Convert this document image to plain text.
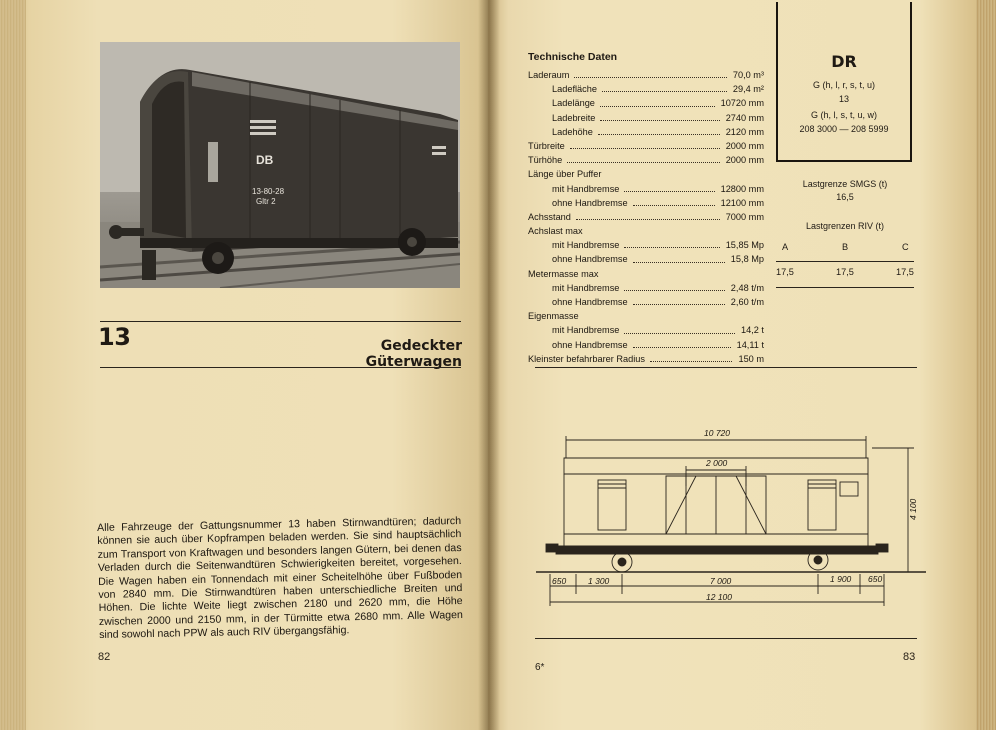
DB
13-80-28
Gltr 2
13	Gedeckter Güterwagen
Alle Fahrzeuge der Gattungsnummer 13 haben Stirnwandtüren; dadurch können sie auch über Kopframpen beladen werden. Sie sind hauptsächlich zum Transport von Kraftwagen und besonders langen Gütern, bei denen das Verladen durch die Seitenwandtüren Schwierigkeiten bereitet, vorgesehen. Die Wagen haben ein Tonnendach mit einer Scheitelhöhe über Fußboden von 2840 mm. Die Stirnwandtüren haben unterschiedliche Breiten und Höhen. Die lichte Weite liegt zwischen 2180 und 2620 mm, die Höhe zwischen 2000 und 2150 mm, in der Türmitte etwa 2680 mm. Alle Wagen sind sowohl nach PPW als auch RIV übergangsfähig.
82
Technische Daten
Laderaum	70,0 m³
Ladefläche	29,4 m²
Ladelänge	10720 mm
Ladebreite	2740 mm
Ladehöhe	2120 mm
Türbreite	2000 mm
Türhöhe	2000 mm
Länge über Puffer
mit Handbremse	12800 mm
ohne Handbremse	12100 mm
Achsstand	7000 mm
Achslast max
mit Handbremse	15,85 Mp
ohne Handbremse	15,8 Mp
Metermasse max
mit Handbremse	2,48 t/m
ohne Handbremse	2,60 t/m
Eigenmasse
mit Handbremse	14,2 t
ohne Handbremse	14,11 t
Kleinster befahrbarer Radius	150 m
DR
G (h, l, r, s, t, u)
13
G (h, l, s, t, u, w)
208 3000 — 208 5999
Lastgrenze SMGS (t)
16,5
Lastgrenzen RIV (t)
A	B	C
17,5	17,5	17,5
10 720
2 000
4 100
650	1 300	7 000	1 900 650
12 100
6*
83
